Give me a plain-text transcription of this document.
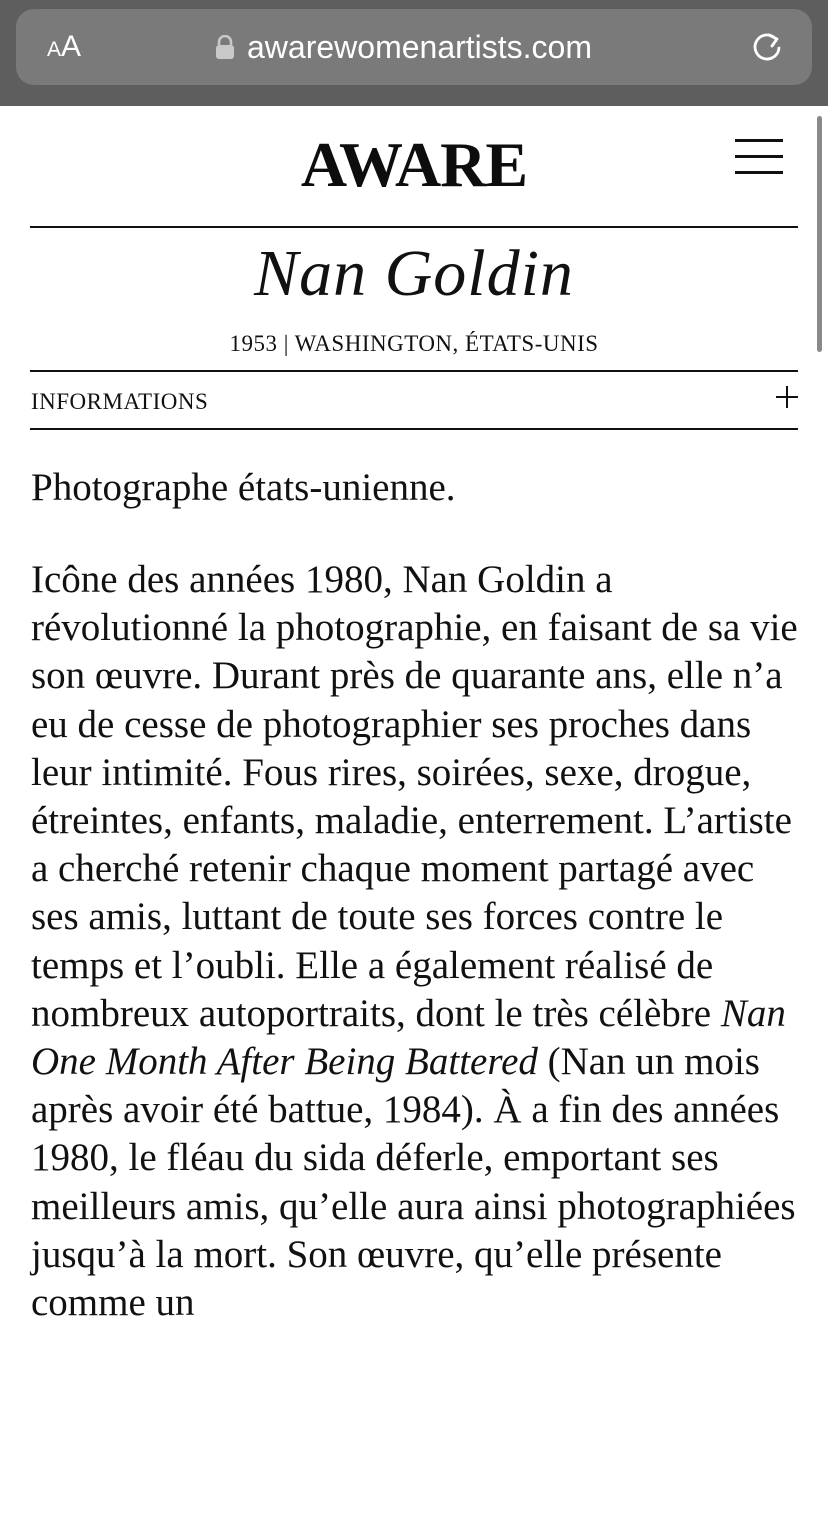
AA	awarewomenartists.com
AWARE
Nan Goldin
1953 | WASHINGTON, ÉTATS-UNIS
INFORMATIONS
Photographe états-unienne.

Icône des années 1980, Nan Goldin a révolutionné la photographie, en faisant de sa vie son œuvre. Durant près de quarante ans, elle n’a eu de cesse de photographier ses proches dans leur intimité. Fous rires, soirées, sexe, drogue, étreintes, enfants, maladie, enterrement. L’artiste a cherché retenir chaque moment partagé avec ses amis, luttant de toute ses forces contre le temps et l’oubli. Elle a également réalisé de nombreux autoportraits, dont le très célèbre Nan One Month After Being Battered (Nan un mois après avoir été battue, 1984). À a fin des années 1980, le fléau du sida déferle, emportant ses meilleurs amis, qu’elle aura ainsi photographiées jusqu’à la mort. Son œuvre, qu’elle présente comme un
